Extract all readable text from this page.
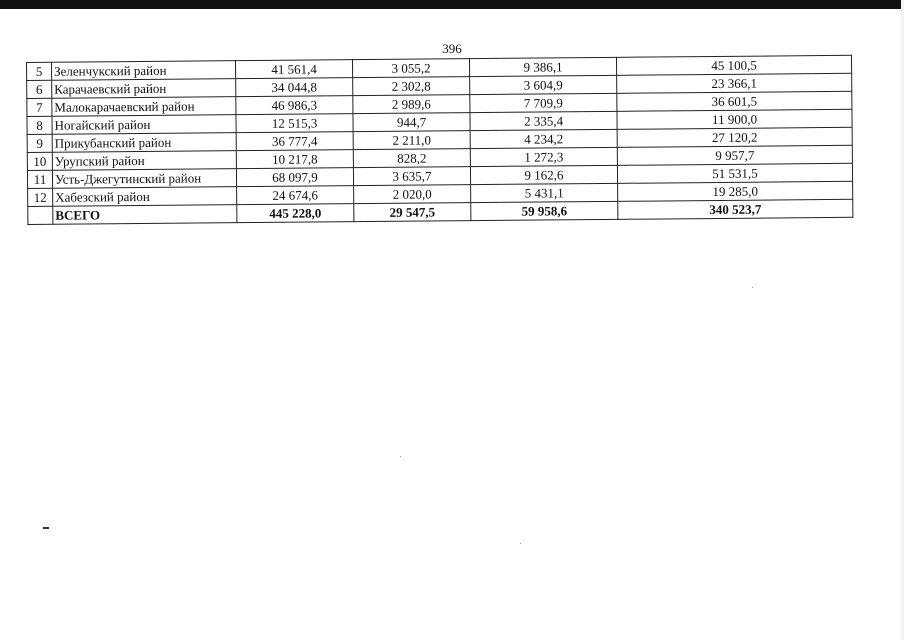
396
5	Зеленчукский район	41 561,4	3 055,2	9 386,1	45 100,5
6	Карачаевский район	34 044,8	2 302,8	3 604,9	23 366,1
7	Малокарачаевский район	46 986,3	2 989,6	7 709,9	36 601,5
8	Ногайский район	12 515,3	944,7	2 335,4	11 900,0
9	Прикубанский район	36 777,4	2 211,0	4 234,2	27 120,2
10	Урупский район	10 217,8	828,2	1 272,3	9 957,7
11	Усть-Джегутинский район	68 097,9	3 635,7	9 162,6	51 531,5
12	Хабезский район	24 674,6	2 020,0	5 431,1	19 285,0
	ВСЕГО	445 228,0	29 547,5	59 958,6	340 523,7
